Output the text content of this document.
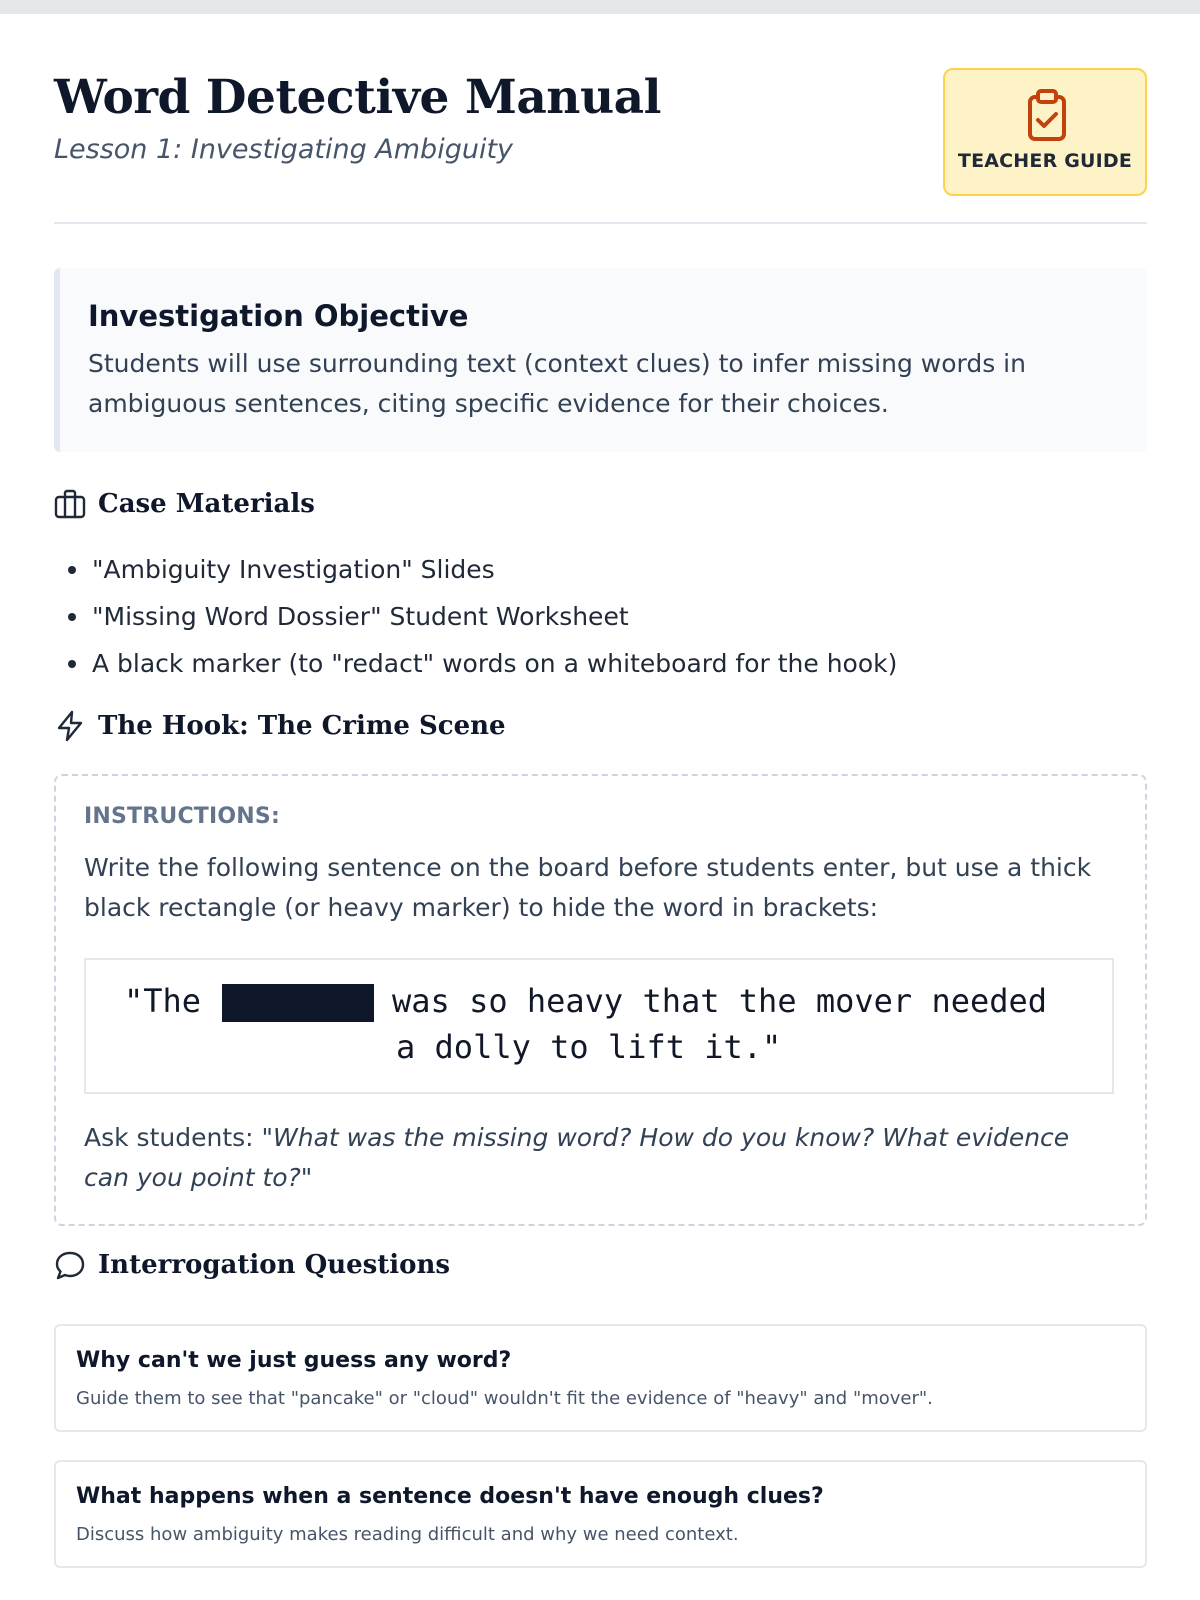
Word Detective Manual
Lesson 1: Investigating Ambiguity	TEACHER GUIDE
Investigation Objective

Students will use surrounding text (context clues) to infer missing words in ambiguous sentences, citing specific evidence for their choices.

Case Materials
"Ambiguity Investigation" Slides
"Missing Word Dossier" Student Worksheet
A black marker (to "redact" words on a whiteboard for the hook)
The Hook: The Crime Scene
INSTRUCTIONS:
Write the following sentence on the board before students enter, but use a thick black rectangle (or heavy marker) to hide the word in brackets:
"The	was so heavy that the mover needed
a dolly to lift it."
Ask students: "What was the missing word? How do you know? What evidence can you point to?"
Interrogation Questions
Why can't we just guess any word?
Guide them to see that "pancake" or "cloud" wouldn't fit the evidence of "heavy" and "mover".
What happens when a sentence doesn't have enough clues?
Discuss how ambiguity makes reading difficult and why we need context.
